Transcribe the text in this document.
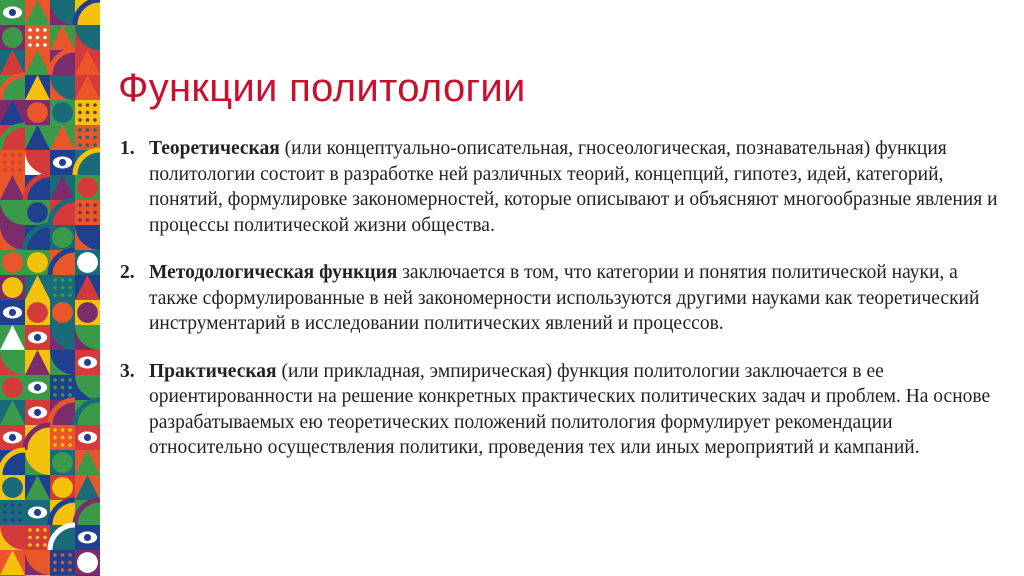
Функции политологии
1. Теоретическая (или концептуально-описательная, гносеологическая, познавательная) функция политологии состоит в разработке ней различных теорий, концепций, гипотез, идей, категорий, понятий, формулировке закономерностей, которые описывают и объясняют многообразные явления и процессы политической жизни общества.
2. Методологическая функция заключается в том, что категории и понятия политической науки, а также сформулированные в ней закономерности используются другими науками как теоретический инструментарий в исследовании политических явлений и процессов.
3. Практическая (или прикладная, эмпирическая) функция политологии заключается в ее ориентированности на решение конкретных практических политических задач и проблем. На основе разрабатываемых ею теоретических положений политология формулирует рекомендации относительно осуществления политики, проведения тех или иных мероприятий и кампаний.
